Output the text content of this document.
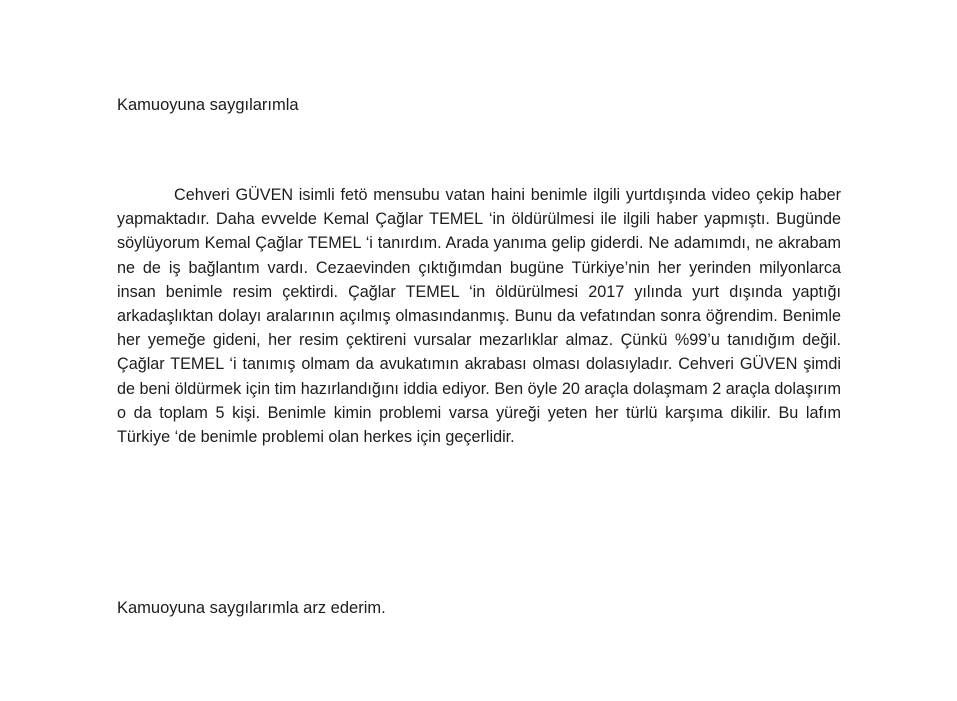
Kamuoyuna saygılarımla

Cehveri GÜVEN isimli fetö mensubu vatan haini benimle ilgili yurtdışında video çekip haber yapmaktadır. Daha evvelde Kemal Çağlar TEMEL ‘in öldürülmesi ile ilgili haber yapmıştı. Bugünde söylüyorum Kemal Çağlar TEMEL ‘i tanırdım. Arada yanıma gelip giderdi. Ne adamımdı, ne akrabam ne de iş bağlantım vardı. Cezaevinden çıktığımdan bugüne Türkiye’nin her yerinden milyonlarca insan benimle resim çektirdi. Çağlar TEMEL ‘in öldürülmesi 2017 yılında yurt dışında yaptığı arkadaşlıktan dolayı aralarının açılmış olmasındanmış. Bunu da vefatından sonra öğrendim. Benimle her yemeğe gideni, her resim çektireni vursalar mezarlıklar almaz. Çünkü %99’u tanıdığım değil. Çağlar TEMEL ‘i tanımış olmam da avukatımın akrabası olması dolasıyladır. Cehveri GÜVEN şimdi de beni öldürmek için tim hazırlandığını iddia ediyor. Ben öyle 20 araçla dolaşmam 2 araçla dolaşırım o da toplam 5 kişi. Benimle kimin problemi varsa yüreği yeten her türlü karşıma dikilir. Bu lafım Türkiye ‘de benimle problemi olan herkes için geçerlidir.

Kamuoyuna saygılarımla arz ederim.
